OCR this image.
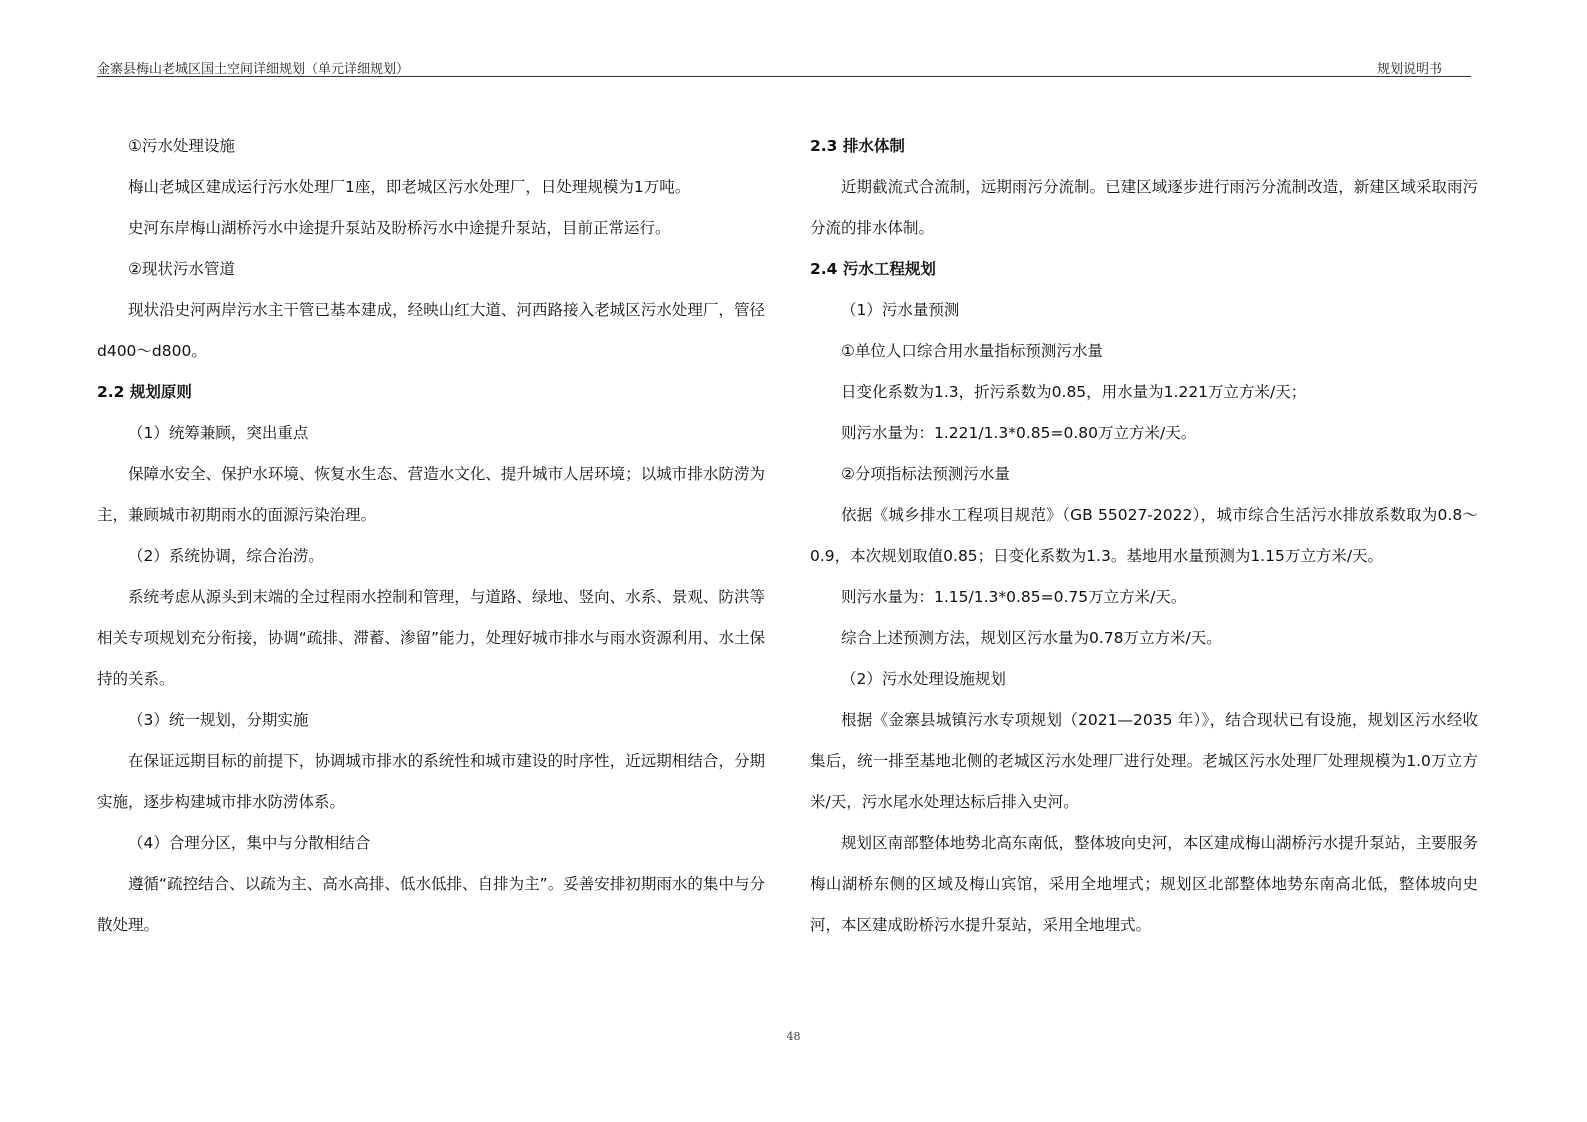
金寨县梅山老城区国土空间详细规划（单元详细规划）	规划说明书

①污水处理设施

梅山老城区建成运行污水处理厂1座，即老城区污水处理厂，日处理规模为1万吨。

史河东岸梅山湖桥污水中途提升泵站及盼桥污水中途提升泵站，目前正常运行。

②现状污水管道

现状沿史河两岸污水主干管已基本建成，经映山红大道、河西路接入老城区污水处理厂，管径d400～d800。

2.2 规划原则

（1）统筹兼顾，突出重点

保障水安全、保护水环境、恢复水生态、营造水文化、提升城市人居环境；以城市排水防涝为主，兼顾城市初期雨水的面源污染治理。

（2）系统协调，综合治涝。

系统考虑从源头到末端的全过程雨水控制和管理，与道路、绿地、竖向、水系、景观、防洪等相关专项规划充分衔接，协调“疏排、滞蓄、渗留”能力，处理好城市排水与雨水资源利用、水土保持的关系。

（3）统一规划，分期实施

在保证远期目标的前提下，协调城市排水的系统性和城市建设的时序性，近远期相结合，分期实施，逐步构建城市排水防涝体系。

（4）合理分区，集中与分散相结合

遵循“疏控结合、以疏为主、高水高排、低水低排、自排为主”。妥善安排初期雨水的集中与分散处理。

2.3 排水体制

近期截流式合流制，远期雨污分流制。已建区域逐步进行雨污分流制改造，新建区域采取雨污分流的排水体制。

2.4 污水工程规划

（1）污水量预测

①单位人口综合用水量指标预测污水量

日变化系数为1.3，折污系数为0.85，用水量为1.221万立方米/天；

则污水量为：1.221/1.3*0.85=0.80万立方米/天。

②分项指标法预测污水量

依据《城乡排水工程项目规范》（GB 55027-2022），城市综合生活污水排放系数取为0.8～0.9，本次规划取值0.85；日变化系数为1.3。基地用水量预测为1.15万立方米/天。

则污水量为：1.15/1.3*0.85=0.75万立方米/天。

综合上述预测方法，规划区污水量为0.78万立方米/天。

（2）污水处理设施规划

根据《金寨县城镇污水专项规划（2021—2035 年）》，结合现状已有设施，规划区污水经收集后，统一排至基地北侧的老城区污水处理厂进行处理。老城区污水处理厂处理规模为1.0万立方米/天，污水尾水处理达标后排入史河。

规划区南部整体地势北高东南低，整体坡向史河，本区建成梅山湖桥污水提升泵站，主要服务梅山湖桥东侧的区域及梅山宾馆，采用全地埋式；规划区北部整体地势东南高北低，整体坡向史河，本区建成盼桥污水提升泵站，采用全地埋式。

48
